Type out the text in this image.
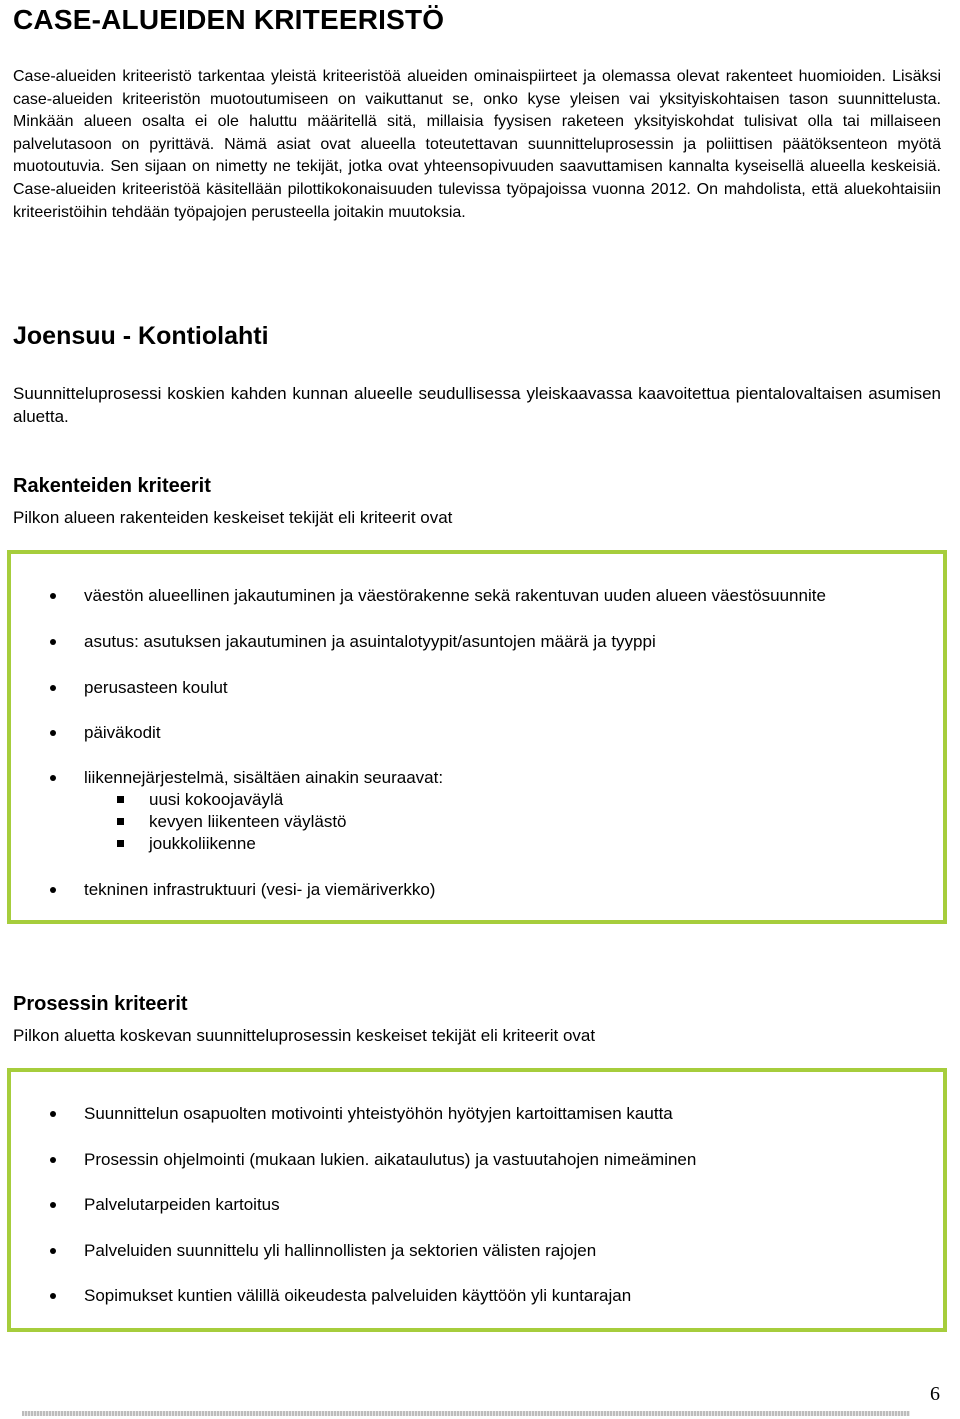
CASE-ALUEIDEN KRITEERISTÖ

Case-alueiden kriteeristö tarkentaa yleistä kriteeristöä alueiden ominaispiirteet ja olemassa olevat rakenteet huomioiden. Lisäksi case-alueiden kriteeristön muotoutumiseen on vaikuttanut se, onko kyse yleisen vai yksityiskohtaisen tason suunnittelusta. Minkään alueen osalta ei ole haluttu määritellä sitä, millaisia fyysisen raketeen yksityiskohdat tulisivat olla tai millaiseen palvelutasoon on pyrittävä. Nämä asiat ovat alueella toteutettavan suunnitteluprosessin ja poliittisen päätöksenteon myötä muotoutuvia. Sen sijaan on nimetty ne tekijät, jotka ovat yhteensopivuuden saavuttamisen kannalta kyseisellä alueella keskeisiä. Case-alueiden kriteeristöä käsitellään pilottikokonaisuuden tulevissa työpajoissa vuonna 2012. On mahdolista, että aluekohtaisiin kriteeristöihin tehdään työpajojen perusteella joitakin muutoksia.

Joensuu - Kontiolahti

Suunnitteluprosessi koskien kahden kunnan alueelle seudullisessa yleiskaavassa kaavoitettua pientalovaltaisen asumisen aluetta.

Rakenteiden kriteerit

Pilkon alueen rakenteiden keskeiset tekijät eli kriteerit ovat

väestön alueellinen jakautuminen ja väestörakenne sekä rakentuvan uuden alueen väestösuunnite
asutus: asutuksen jakautuminen ja asuintalotyypit/asuntojen määrä ja tyyppi
perusasteen koulut
päiväkodit
liikennejärjestelmä, sisältäen ainakin seuraavat:
uusi kokoojaväylä
kevyen liikenteen väylästö
joukkoliikenne
tekninen infrastruktuuri (vesi- ja viemäriverkko)
Prosessin kriteerit

Pilkon aluetta koskevan suunnitteluprosessin keskeiset tekijät eli kriteerit ovat

Suunnittelun osapuolten motivointi yhteistyöhön hyötyjen kartoittamisen kautta
Prosessin ohjelmointi (mukaan lukien. aikataulutus) ja vastuutahojen nimeäminen
Palvelutarpeiden kartoitus
Palveluiden suunnittelu yli hallinnollisten ja sektorien välisten rajojen
Sopimukset kuntien välillä oikeudesta palveluiden käyttöön yli kuntarajan
6
